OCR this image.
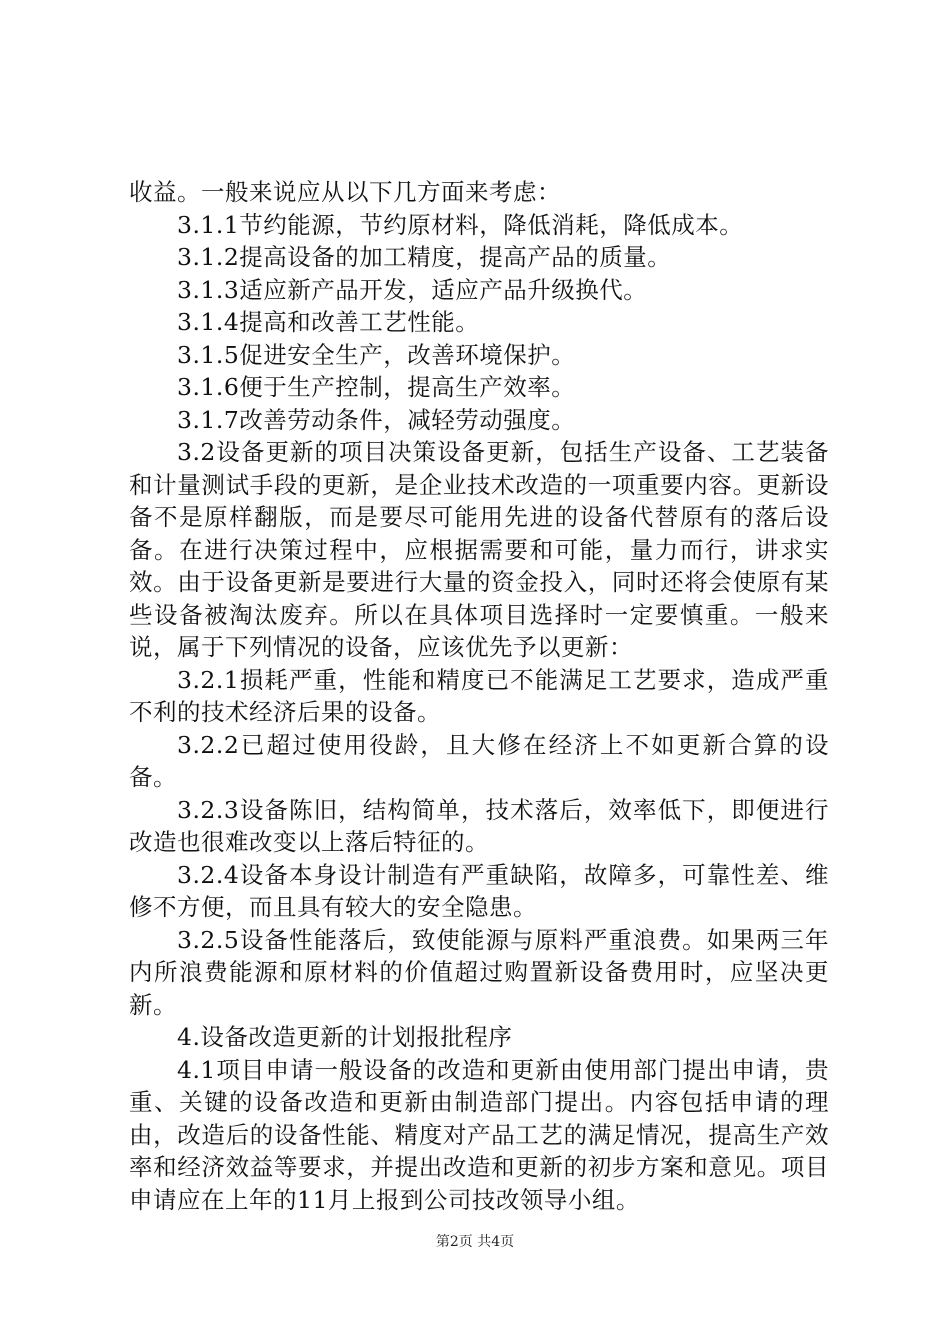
收益。一般来说应从以下几方面来考虑：

3.1.1节约能源，节约原材料，降低消耗，降低成本。

3.1.2提高设备的加工精度，提高产品的质量。

3.1.3适应新产品开发，适应产品升级换代。

3.1.4提高和改善工艺性能。

3.1.5促进安全生产，改善环境保护。

3.1.6便于生产控制，提高生产效率。

3.1.7改善劳动条件，减轻劳动强度。

3.2设备更新的项目决策设备更新，包括生产设备、工艺装备和计量测试手段的更新，是企业技术改造的一项重要内容。更新设备不是原样翻版，而是要尽可能用先进的设备代替原有的落后设备。在进行决策过程中，应根据需要和可能，量力而行，讲求实效。由于设备更新是要进行大量的资金投入，同时还将会使原有某些设备被淘汰废弃。所以在具体项目选择时一定要慎重。一般来说，属于下列情况的设备，应该优先予以更新：

3.2.1损耗严重，性能和精度已不能满足工艺要求，造成严重不利的技术经济后果的设备。

3.2.2已超过使用役龄，且大修在经济上不如更新合算的设备。

3.2.3设备陈旧，结构简单，技术落后，效率低下，即便进行改造也很难改变以上落后特征的。

3.2.4设备本身设计制造有严重缺陷，故障多，可靠性差、维修不方便，而且具有较大的安全隐患。

3.2.5设备性能落后，致使能源与原料严重浪费。如果两三年内所浪费能源和原材料的价值超过购置新设备费用时，应坚决更新。

4.设备改造更新的计划报批程序

4.1项目申请一般设备的改造和更新由使用部门提出申请，贵重、关键的设备改造和更新由制造部门提出。内容包括申请的理由，改造后的设备性能、精度对产品工艺的满足情况，提高生产效率和经济效益等要求，并提出改造和更新的初步方案和意见。项目申请应在上年的11月上报到公司技改领导小组。

第2页 共4页
